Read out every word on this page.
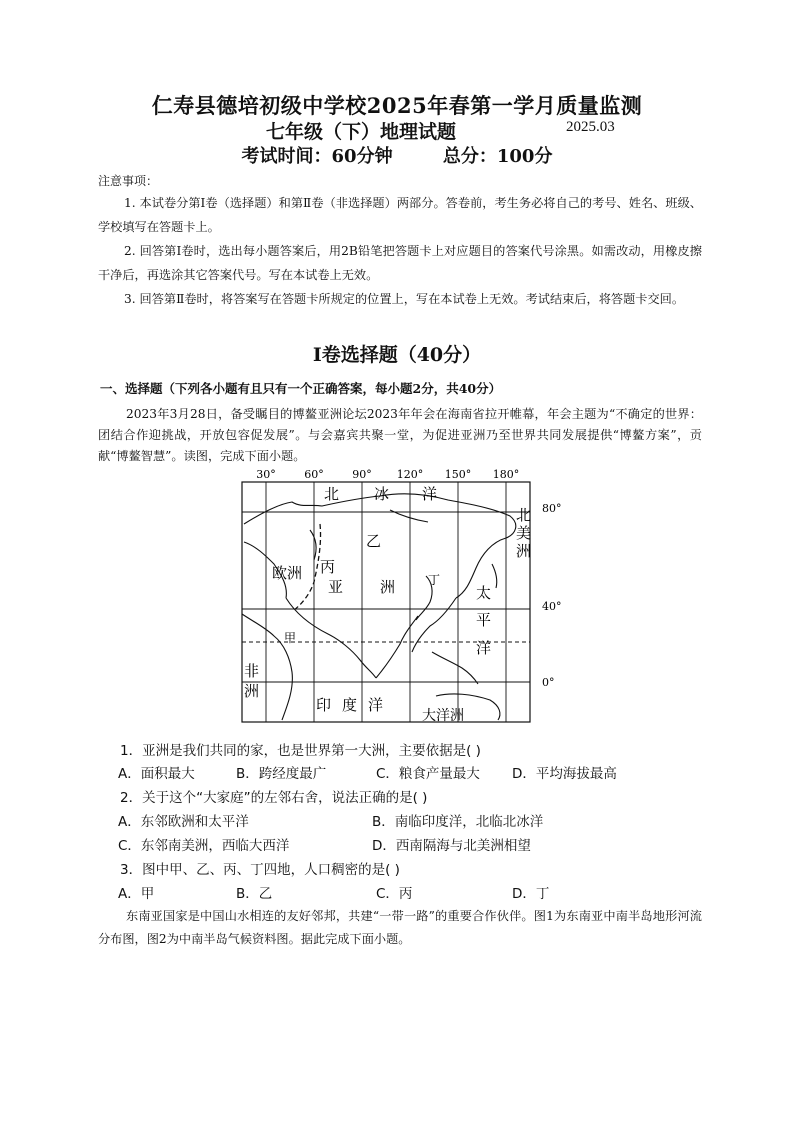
仁寿县德培初级中学校2025年春第一学月质量监测
七年级（下）地理试题	2025.03
考试时间：60分钟	总分：100分
注意事项：
1. 本试卷分第Ⅰ卷（选择题）和第Ⅱ卷（非选择题）两部分。答卷前，考生务必将自己的考号、姓名、班级、学校填写在答题卡上。
2. 回答第Ⅰ卷时，选出每小题答案后，用2B铅笔把答题卡上对应题目的答案代号涂黑。如需改动，用橡皮擦干净后，再选涂其它答案代号。写在本试卷上无效。
3. 回答第Ⅱ卷时，将答案写在答题卡所规定的位置上，写在本试卷上无效。考试结束后，将答题卡交回。
Ⅰ卷选择题（40分）
一、选择题（下列各小题有且只有一个正确答案，每小题2分，共40分）
2023年3月28日，备受瞩目的博鳌亚洲论坛2023年年会在海南省拉开帷幕，年会主题为“不确定的世界：团结合作迎挑战，开放包容促发展”。与会嘉宾共聚一堂，为促进亚洲乃至世界共同发展提供“博鳌方案”，贡献“博鳌智慧”。读图，完成下面小题。
30°	60°	90° 120° 150° 180°
80°
40°
0°
北 冰 洋
乙
丙
亚 洲
欧洲
甲
丁
太
平
洋
非
洲
印 度 洋
大洋洲
北
美
洲
1．亚洲是我们共同的家，也是世界第一大洲，主要依据是( )
A．面积最大	B．跨经度最广	C．粮食产量最大 D．平均海拔最高
2．关于这个“大家庭”的左邻右舍，说法正确的是( )
A．东邻欧洲和太平洋	B．南临印度洋，北临北冰洋
C．东邻南美洲，西临大西洋	D．西南隔海与北美洲相望
3．图中甲、乙、丙、丁四地，人口稠密的是( )
A．甲	B．乙	C．丙	D．丁
东南亚国家是中国山水相连的友好邻邦，共建“一带一路”的重要合作伙伴。图1为东南亚中南半岛地形河流分布图，图2为中南半岛气候资料图。据此完成下面小题。
